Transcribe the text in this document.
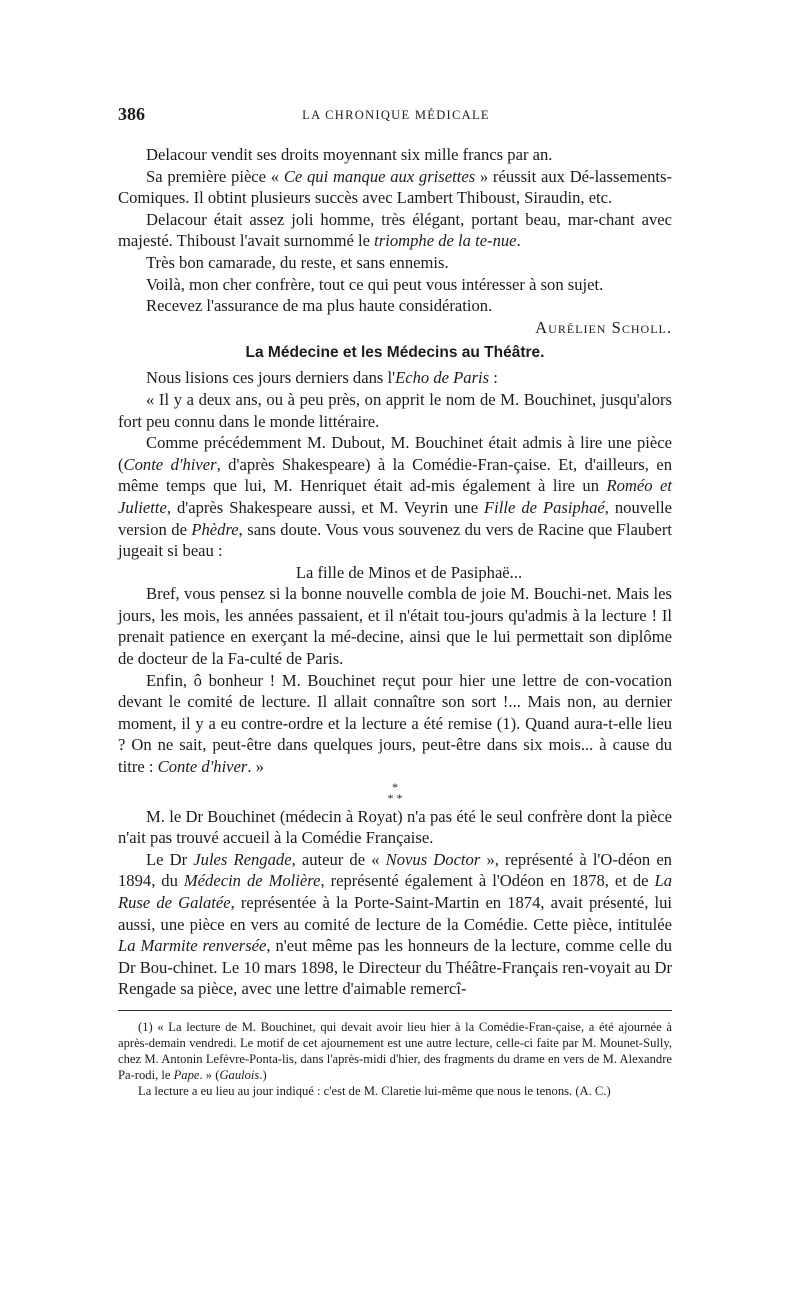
386	LA CHRONIQUE MÉDICALE

Delacour vendit ses droits moyennant six mille francs par an.

Sa première pièce « Ce qui manque aux grisettes » réussit aux Dé-lassements-Comiques. Il obtint plusieurs succès avec Lambert Thiboust, Siraudin, etc.

Delacour était assez joli homme, très élégant, portant beau, mar-chant avec majesté. Thiboust l'avait surnommé le triomphe de la te-nue.

Très bon camarade, du reste, et sans ennemis.

Voilà, mon cher confrère, tout ce qui peut vous intéresser à son sujet.

Recevez l'assurance de ma plus haute considération.

Aurélien Scholl.

La Médecine et les Médecins au Théâtre.

Nous lisions ces jours derniers dans l'Echo de Paris :

« Il y a deux ans, ou à peu près, on apprit le nom de M. Bouchinet, jusqu'alors fort peu connu dans le monde littéraire.

Comme précédemment M. Dubout, M. Bouchinet était admis à lire une pièce (Conte d'hiver, d'après Shakespeare) à la Comédie-Fran-çaise. Et, d'ailleurs, en même temps que lui, M. Henriquet était ad-mis également à lire un Roméo et Juliette, d'après Shakespeare aussi, et M. Veyrin une Fille de Pasiphaé, nouvelle version de Phèdre, sans doute. Vous vous souvenez du vers de Racine que Flaubert jugeait si beau :

La fille de Minos et de Pasiphaë...

Bref, vous pensez si la bonne nouvelle combla de joie M. Bouchi-net. Mais les jours, les mois, les années passaient, et il n'était tou-jours qu'admis à la lecture ! Il prenait patience en exerçant la mé-decine, ainsi que le lui permettait son diplôme de docteur de la Fa-culté de Paris.

Enfin, ô bonheur ! M. Bouchinet reçut pour hier une lettre de con-vocation devant le comité de lecture. Il allait connaître son sort !... Mais non, au dernier moment, il y a eu contre-ordre et la lecture a été remise (1). Quand aura-t-elle lieu ? On ne sait, peut-être dans quelques jours, peut-être dans six mois... à cause du titre : Conte d'hiver. »

*
* *

M. le Dr Bouchinet (médecin à Royat) n'a pas été le seul confrère dont la pièce n'ait pas trouvé accueil à la Comédie Française.

Le Dr Jules Rengade, auteur de « Novus Doctor », représenté à l'O-déon en 1894, du Médecin de Molière, représenté également à l'Odéon en 1878, et de La Ruse de Galatée, représentée à la Porte-Saint-Martin en 1874, avait présenté, lui aussi, une pièce en vers au comité de lecture de la Comédie. Cette pièce, intitulée La Marmite renversée, n'eut même pas les honneurs de la lecture, comme celle du Dr Bou-chinet. Le 10 mars 1898, le Directeur du Théâtre-Français ren-voyait au Dr Rengade sa pièce, avec une lettre d'aimable remercî-

(1) « La lecture de M. Bouchinet, qui devait avoir lieu hier à la Comédie-Fran-çaise, a été ajournée à après-demain vendredi. Le motif de cet ajournement est une autre lecture, celle-ci faite par M. Mounet-Sully, chez M. Antonin Lefèvre-Ponta-lis, dans l'après-midi d'hier, des fragments du drame en vers de M. Alexandre Pa-rodi, le Pape. » (Gaulois.)

La lecture a eu lieu au jour indiqué : c'est de M. Claretie lui-même que nous le tenons. (A. C.)
